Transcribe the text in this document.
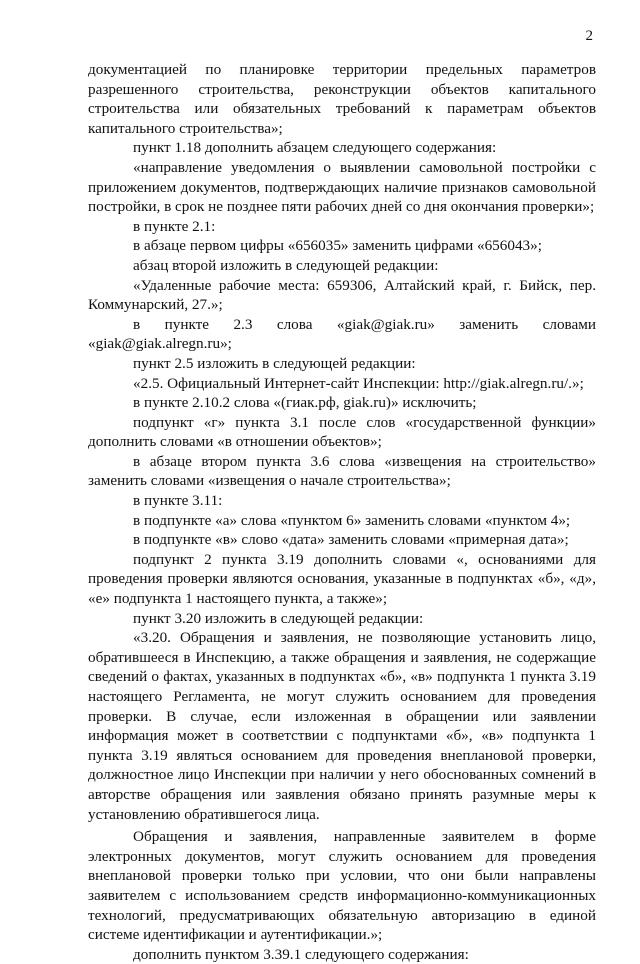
2

документацией по планировке территории предельных параметров разрешенного строительства, реконструкции объектов капитального строительства или обязательных требований к параметрам объектов капитального строительства»;

пункт 1.18 дополнить абзацем следующего содержания:

«направление уведомления о выявлении самовольной постройки с приложением документов, подтверждающих наличие признаков самовольной постройки, в срок не позднее пяти рабочих дней со дня окончания проверки»;

в пункте 2.1:

в абзаце первом цифры «656035» заменить цифрами «656043»;

абзац второй изложить в следующей редакции:

«Удаленные рабочие места: 659306, Алтайский край, г. Бийск, пер. Коммунарский, 27.»;

в пункте 2.3 слова «giak@giak.ru» заменить словами «giak@giak.alregn.ru»;

пункт 2.5 изложить в следующей редакции:

«2.5. Официальный Интернет-сайт Инспекции: http://giak.alregn.ru/.»;

в пункте 2.10.2 слова «(гиак.рф, giak.ru)» исключить;

подпункт «г» пункта 3.1 после слов «государственной функции» дополнить словами «в отношении объектов»;

в абзаце втором пункта 3.6 слова «извещения на строительство» заменить словами «извещения о начале строительства»;

в пункте 3.11:

в подпункте «а» слова «пунктом 6» заменить словами «пунктом 4»;

в подпункте «в» слово «дата» заменить словами «примерная дата»;

подпункт 2 пункта 3.19 дополнить словами «, основаниями для проведения проверки являются основания, указанные в подпунктах «б», «д», «е» подпункта 1 настоящего пункта, а также»;

пункт 3.20 изложить в следующей редакции:

«3.20. Обращения и заявления, не позволяющие установить лицо, обратившееся в Инспекцию, а также обращения и заявления, не содержащие сведений о фактах, указанных в подпунктах «б», «в» подпункта 1 пункта 3.19 настоящего Регламента, не могут служить основанием для проведения проверки. В случае, если изложенная в обращении или заявлении информация может в соответствии с подпунктами «б», «в» подпункта 1 пункта 3.19 являться основанием для проведения внеплановой проверки, должностное лицо Инспекции при наличии у него обоснованных сомнений в авторстве обращения или заявления обязано принять разумные меры к установлению обратившегося лица.

Обращения и заявления, направленные заявителем в форме электронных документов, могут служить основанием для проведения внеплановой проверки только при условии, что они были направлены заявителем с использованием средств информационно-коммуникационных технологий, предусматривающих обязательную авторизацию в единой системе идентификации и аутентификации.»;

дополнить пунктом 3.39.1 следующего содержания:
